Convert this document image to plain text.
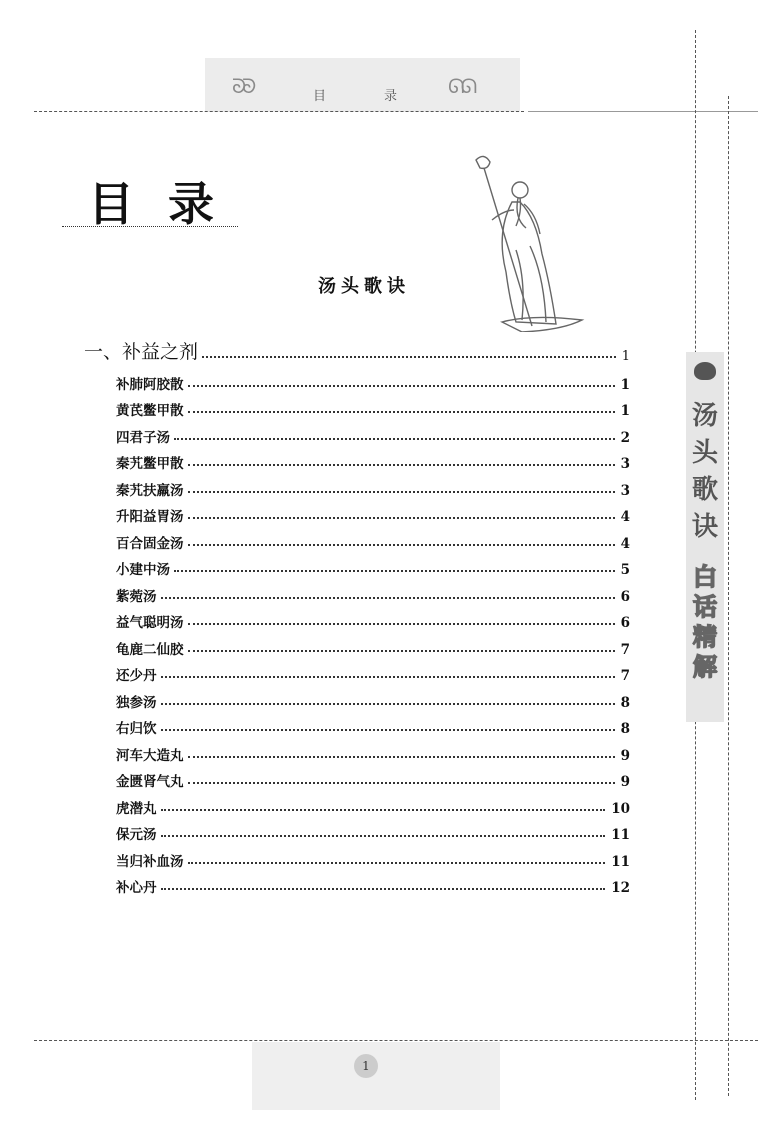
ᘐᘐ	目	录	ᘏᘏ
目录
汤头歌诀
一、补益之剂	1
补肺阿胶散	1
黄芪鳖甲散	1
四君子汤	2
秦艽鳖甲散	3
秦艽扶羸汤	3
升阳益胃汤	4
百合固金汤	4
小建中汤	5
紫菀汤	6
益气聪明汤	6
龟鹿二仙胶	7
还少丹	7
独参汤	8
右归饮	8
河车大造丸	9
金匮肾气丸	9
虎潜丸	10
保元汤	11
当归补血汤	11
补心丹	12
汤头歌诀
白话精解
1
